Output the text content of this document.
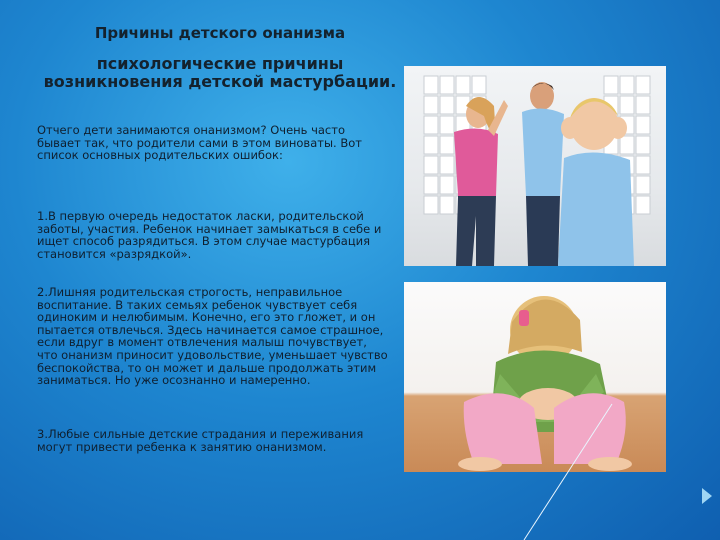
Причины детского онанизма
психологические причины возникновения детской мастурбации.
Отчего дети занимаются онанизмом? Очень часто бывает так, что родители сами в этом виноваты. Вот список основных родительских ошибок:
1.В первую очередь недостаток ласки, родительской заботы, участия. Ребенок начинает замыкаться в себе и ищет способ разрядиться. В этом случае мастурбация становится «разрядкой».
2.Лишняя родительская строгость, неправильное воспитание. В таких семьях ребенок чувствует себя одиноким и нелюбимым. Конечно, его это гложет, и он пытается отвлечься. Здесь начинается самое страшное, если вдруг в момент отвлечения малыш почувствует, что онанизм приносит удовольствие, уменьшает чувство беспокойства, то он может и дальше продолжать этим заниматься. Но уже осознанно и намеренно.
3.Любые сильные детские страдания и переживания могут привести ребенка к занятию онанизмом.
